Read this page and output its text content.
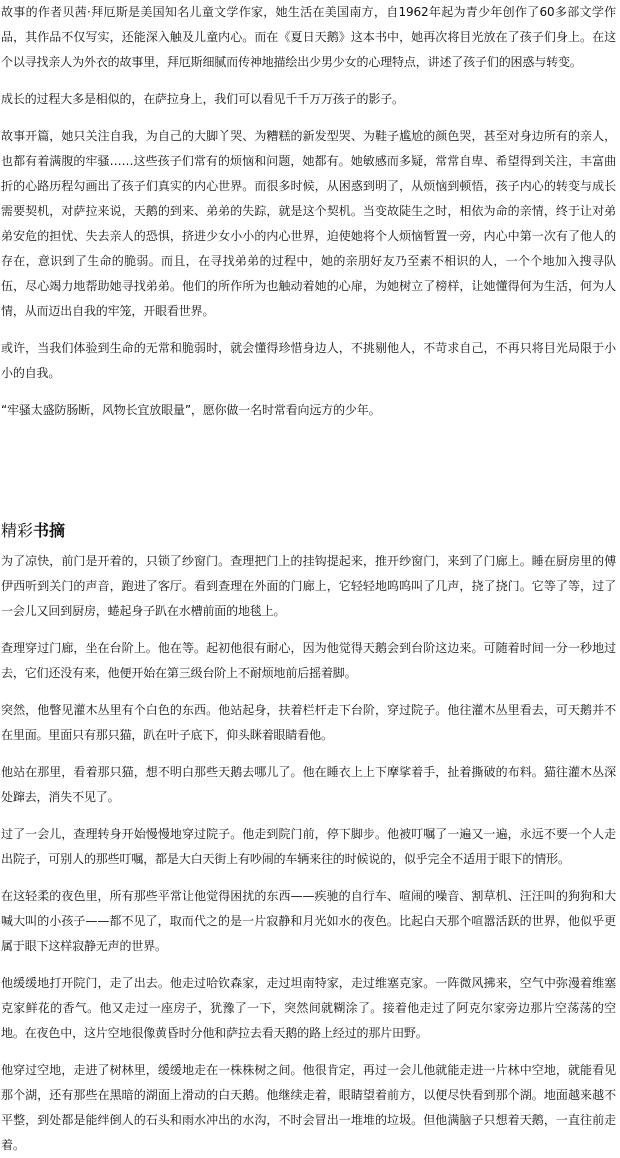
故事的作者贝茜·拜厄斯是美国知名儿童文学作家，她生活在美国南方，自1962年起为青少年创作了60多部文学作品，其作品不仅写实，还能深入触及儿童内心。而在《夏日天鹅》这本书中，她再次将目光放在了孩子们身上。在这个以寻找亲人为外衣的故事里，拜厄斯细腻而传神地描绘出少男少女的心理特点，讲述了孩子们的困惑与转变。

成长的过程大多是相似的，在萨拉身上，我们可以看见千千万万孩子的影子。

故事开篇，她只关注自我，为自己的大脚丫哭、为糟糕的新发型哭、为鞋子尴尬的颜色哭，甚至对身边所有的亲人，也都有着满腹的牢骚……这些孩子们常有的烦恼和问题，她都有。她敏感而多疑，常常自卑、希望得到关注，丰富曲折的心路历程勾画出了孩子们真实的内心世界。而很多时候，从困惑到明了，从烦恼到顿悟，孩子内心的转变与成长需要契机，对萨拉来说，天鹅的到来、弟弟的失踪，就是这个契机。当变故陡生之时，相依为命的亲情，终于让对弟弟安危的担忧、失去亲人的恐惧，挤进少女小小的内心世界，迫使她将个人烦恼暂置一旁，内心中第一次有了他人的存在，意识到了生命的脆弱。而且，在寻找弟弟的过程中，她的亲朋好友乃至素不相识的人，一个个地加入搜寻队伍，尽心竭力地帮助她寻找弟弟。他们的所作所为也触动着她的心扉，为她树立了榜样，让她懂得何为生活，何为人情，从而迈出自我的牢笼，开眼看世界。

或许，当我们体验到生命的无常和脆弱时，就会懂得珍惜身边人，不挑剔他人，不苛求自己，不再只将目光局限于小小的自我。

“牢骚太盛防肠断，风物长宜放眼量”，愿你做一名时常看向远方的少年。

精彩书摘

为了凉快，前门是开着的，只锁了纱窗门。查理把门上的挂钩提起来，推开纱窗门，来到了门廊上。睡在厨房里的傅伊西听到关门的声音，跑进了客厅。看到查理在外面的门廊上，它轻轻地呜呜叫了几声，挠了挠门。它等了等，过了一会儿又回到厨房，蜷起身子趴在水槽前面的地毯上。

查理穿过门廊，坐在台阶上。他在等。起初他很有耐心，因为他觉得天鹅会到台阶这边来。可随着时间一分一秒地过去，它们还没有来，他便开始在第三级台阶上不耐烦地前后摇着脚。

突然，他瞥见灌木丛里有个白色的东西。他站起身，扶着栏杆走下台阶，穿过院子。他往灌木丛里看去，可天鹅并不在里面。里面只有那只猫，趴在叶子底下，仰头眯着眼睛看他。

他站在那里，看着那只猫，想不明白那些天鹅去哪儿了。他在睡衣上上下摩挲着手，扯着撕破的布料。猫往灌木丛深处蹿去，消失不见了。

过了一会儿，查理转身开始慢慢地穿过院子。他走到院门前，停下脚步。他被叮嘱了一遍又一遍，永远不要一个人走出院子，可别人的那些叮嘱，都是大白天街上有吵闹的车辆来往的时候说的，似乎完全不适用于眼下的情形。

在这轻柔的夜色里，所有那些平常让他觉得困扰的东西——疾驰的自行车、喧闹的噪音、割草机、汪汪叫的狗狗和大喊大叫的小孩子——都不见了，取而代之的是一片寂静和月光如水的夜色。比起白天那个喧嚣活跃的世界，他似乎更属于眼下这样寂静无声的世界。

他缓缓地打开院门，走了出去。他走过哈钦森家，走过坦南特家，走过维塞克家。一阵微风拂来，空气中弥漫着维塞克家鲜花的香气。他又走过一座房子，犹豫了一下，突然间就糊涂了。接着他走过了阿克尔家旁边那片空荡荡的空地。在夜色中，这片空地很像黄昏时分他和萨拉去看天鹅的路上经过的那片田野。

他穿过空地，走进了树林里，缓缓地走在一株株树之间。他很肯定，再过一会儿他就能走进一片林中空地，就能看见那个湖，还有那些在黑暗的湖面上滑动的白天鹅。他继续走着，眼睛望着前方，以便尽快看到那个湖。地面越来越不平整，到处都是能绊倒人的石头和雨水冲出的水沟，不时会冒出一堆堆的垃圾。但他满脑子只想着天鹅，一直往前走着。
